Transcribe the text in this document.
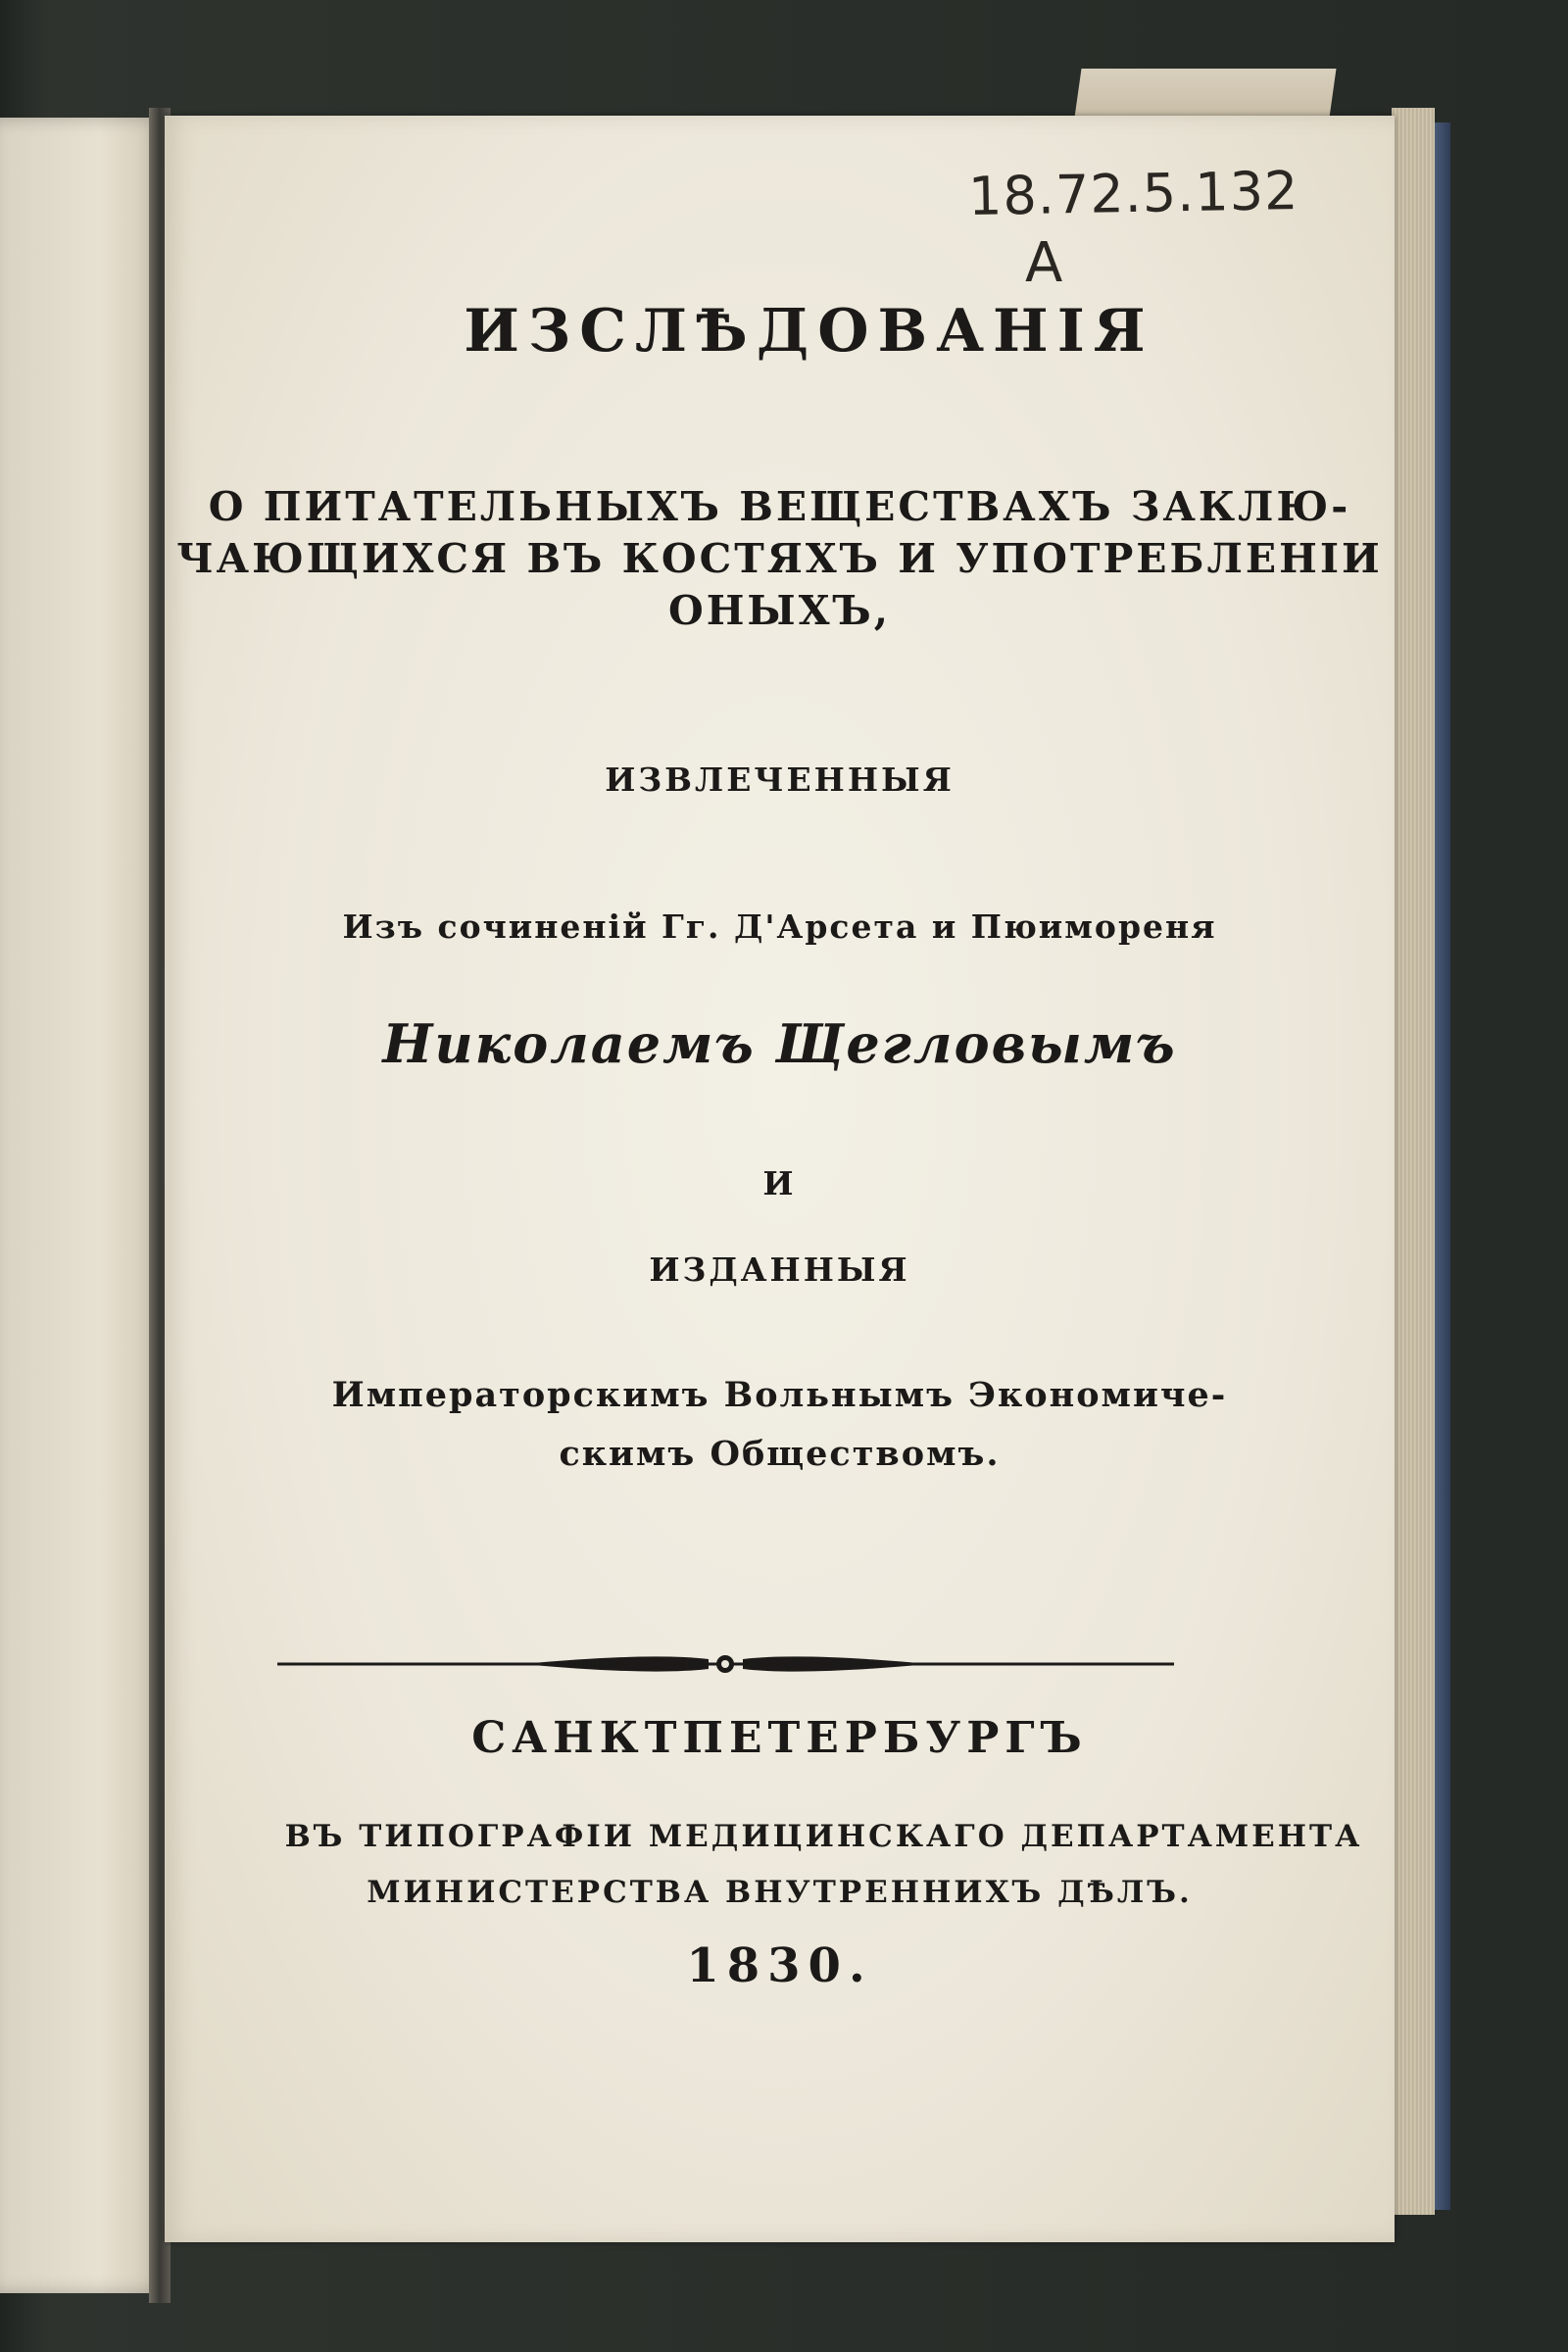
18.72.5.132
A
ИЗСЛѢДОВАНІЯ
О ПИТАТЕЛЬНЫХЪ ВЕЩЕСТВАХЪ ЗАКЛЮ-
ЧАЮЩИХСЯ ВЪ КОСТЯХЪ И УПОТРЕБЛЕНІИ
ОНЫХЪ,
ИЗВЛЕЧЕННЫЯ
Изъ сочиненій Гг. Д'Арсета и Пюимореня
Николаемъ Щегловымъ
И
ИЗДАННЫЯ
Императорскимъ Вольнымъ Экономичe-
скимъ Обществомъ.
САНКТПЕТЕРБУРГЪ
ВЪ ТИПОГРАФІИ МЕДИЦИНСКАГО ДЕПАРТАМЕНТА
МИНИСТЕРСТВА ВНУТРЕННИХЪ ДѢЛЪ.
1830.
